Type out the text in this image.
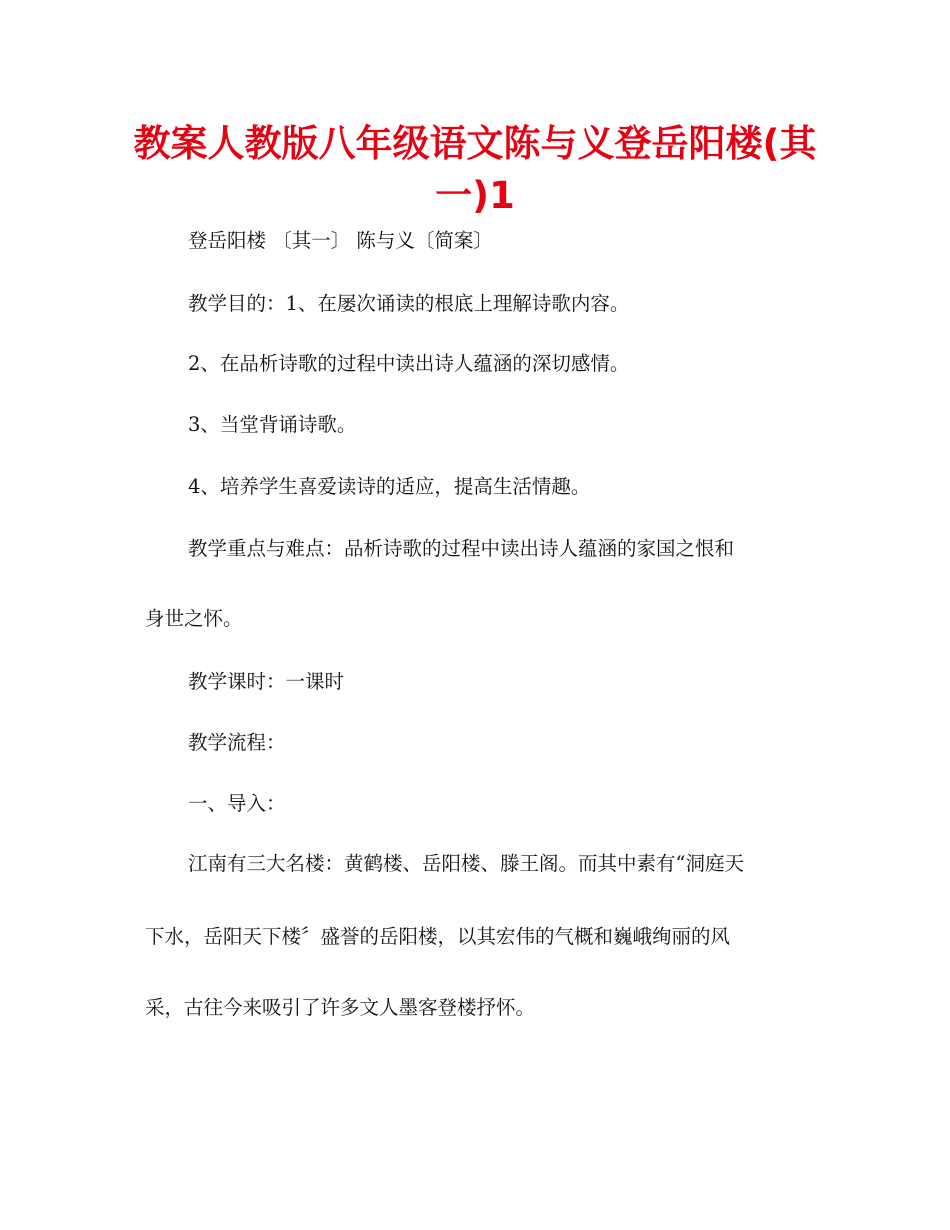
教案人教版八年级语文陈与义登岳阳楼(其一)1

登岳阳楼 〔其一〕 陈与义〔简案〕

教学目的：1、在屡次诵读的根底上理解诗歌内容。

2、在品析诗歌的过程中读出诗人蕴涵的深切感情。

3、当堂背诵诗歌。

4、培养学生喜爱读诗的适应，提高生活情趣。

教学重点与难点：品析诗歌的过程中读出诗人蕴涵的家国之恨和

身世之怀。

教学课时：一课时

教学流程：

一、导入：

江南有三大名楼：黄鹤楼、岳阳楼、滕王阁。而其中素有“洞庭天

下水，岳阳天下楼〞盛誉的岳阳楼，以其宏伟的气概和巍峨绚丽的风

采，古往今来吸引了许多文人墨客登楼抒怀。
